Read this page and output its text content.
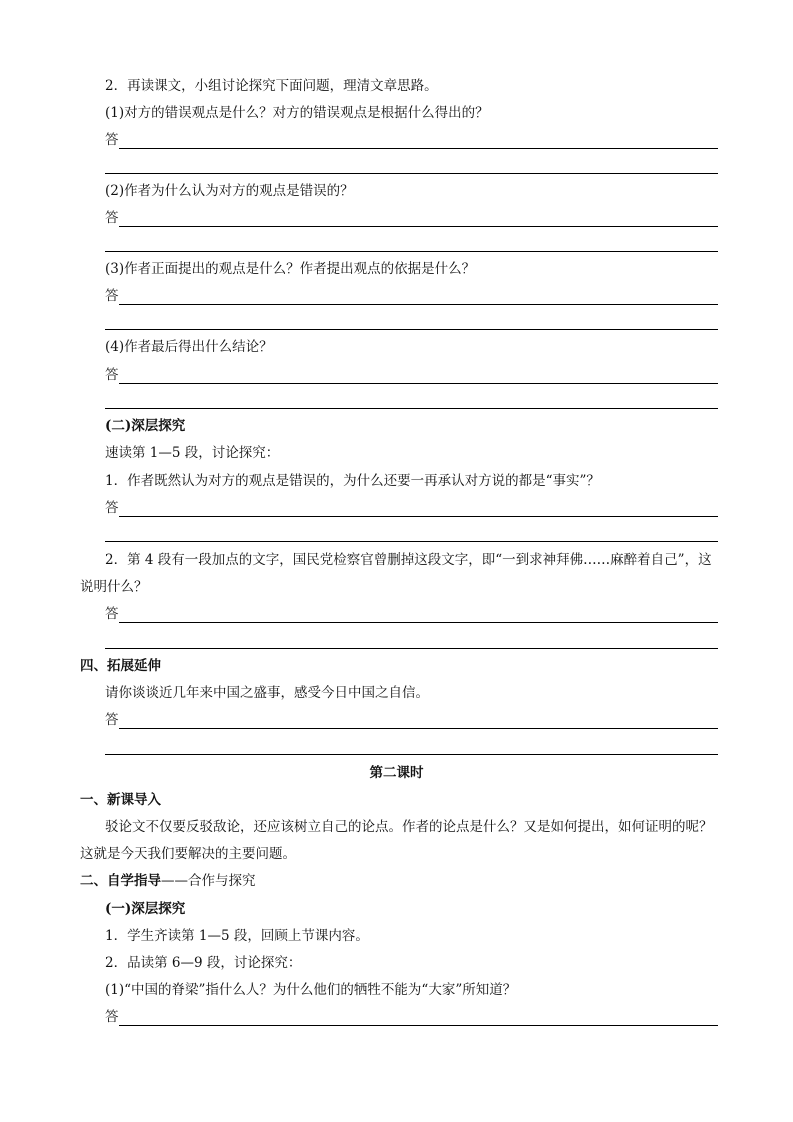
2．再读课文，小组讨论探究下面问题，理清文章思路。
(1)对方的错误观点是什么？对方的错误观点是根据什么得出的？
答
(2)作者为什么认为对方的观点是错误的？
答
(3)作者正面提出的观点是什么？作者提出观点的依据是什么？
答
(4)作者最后得出什么结论？
答
(二)深层探究
速读第 1—5 段，讨论探究：
1．作者既然认为对方的观点是错误的，为什么还要一再承认对方说的都是“事实”？
答
2．第 4 段有一段加点的文字，国民党检察官曾删掉这段文字，即“一到求神拜佛……麻醉着自己”，这
说明什么？
答
四、拓展延伸
请你谈谈近几年来中国之盛事，感受今日中国之自信。
答
第二课时
一、新课导入
驳论文不仅要反驳敌论，还应该树立自己的论点。作者的论点是什么？又是如何提出，如何证明的呢？
这就是今天我们要解决的主要问题。
二、自学指导——合作与探究
(一)深层探究
1．学生齐读第 1—5 段，回顾上节课内容。
2．品读第 6—9 段，讨论探究：
(1)“中国的脊梁”指什么人？为什么他们的牺牲不能为“大家”所知道？
答
